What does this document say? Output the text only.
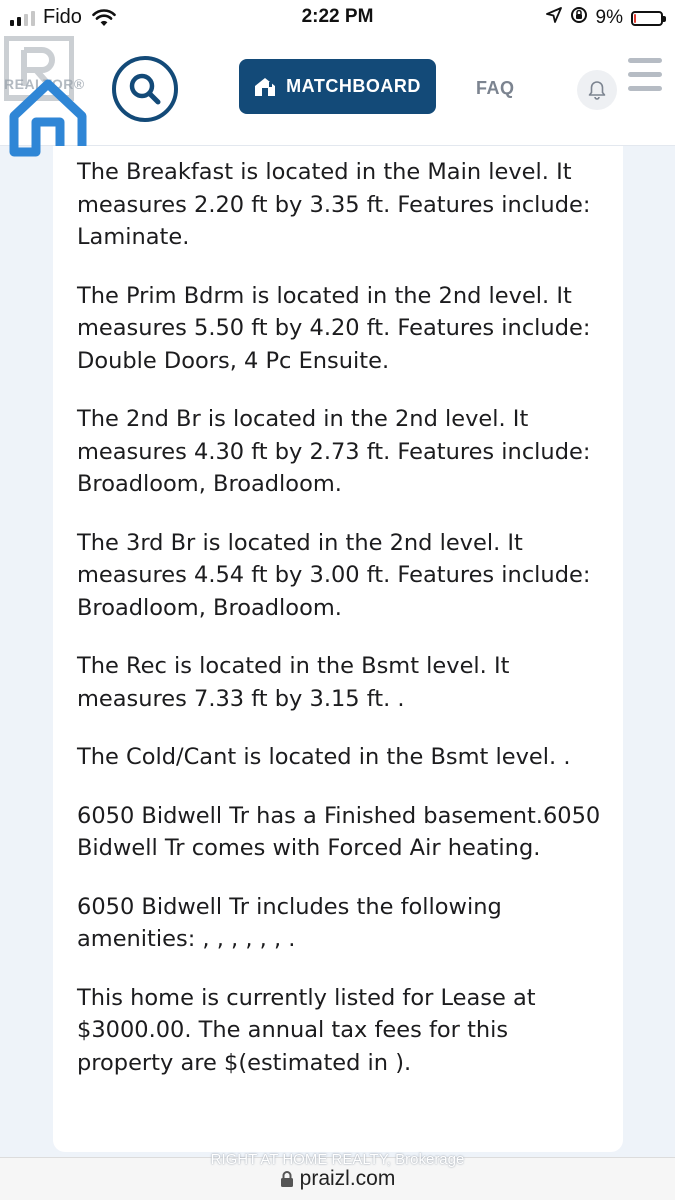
Fido	2:22 PM	9%
REALTOR®	MATCHBOARD	FAQ

The Breakfast is located in the Main level. It measures 2.20 ft by 3.35 ft. Features include: Laminate.

The Prim Bdrm is located in the 2nd level. It measures 5.50 ft by 4.20 ft. Features include: Double Doors, 4 Pc Ensuite.

The 2nd Br is located in the 2nd level. It measures 4.30 ft by 2.73 ft. Features include: Broadloom, Broadloom.

The 3rd Br is located in the 2nd level. It measures 4.54 ft by 3.00 ft. Features include: Broadloom, Broadloom.

The Rec is located in the Bsmt level. It measures 7.33 ft by 3.15 ft. .

The Cold/Cant is located in the Bsmt level. .

6050 Bidwell Tr has a Finished basement.6050 Bidwell Tr comes with Forced Air heating.

6050 Bidwell Tr includes the following amenities: , , , , , , .

This home is currently listed for Lease at $3000.00. The annual tax fees for this property are $(estimated in ).

praizl.com
RIGHT AT HOME REALTY, Brokerage
